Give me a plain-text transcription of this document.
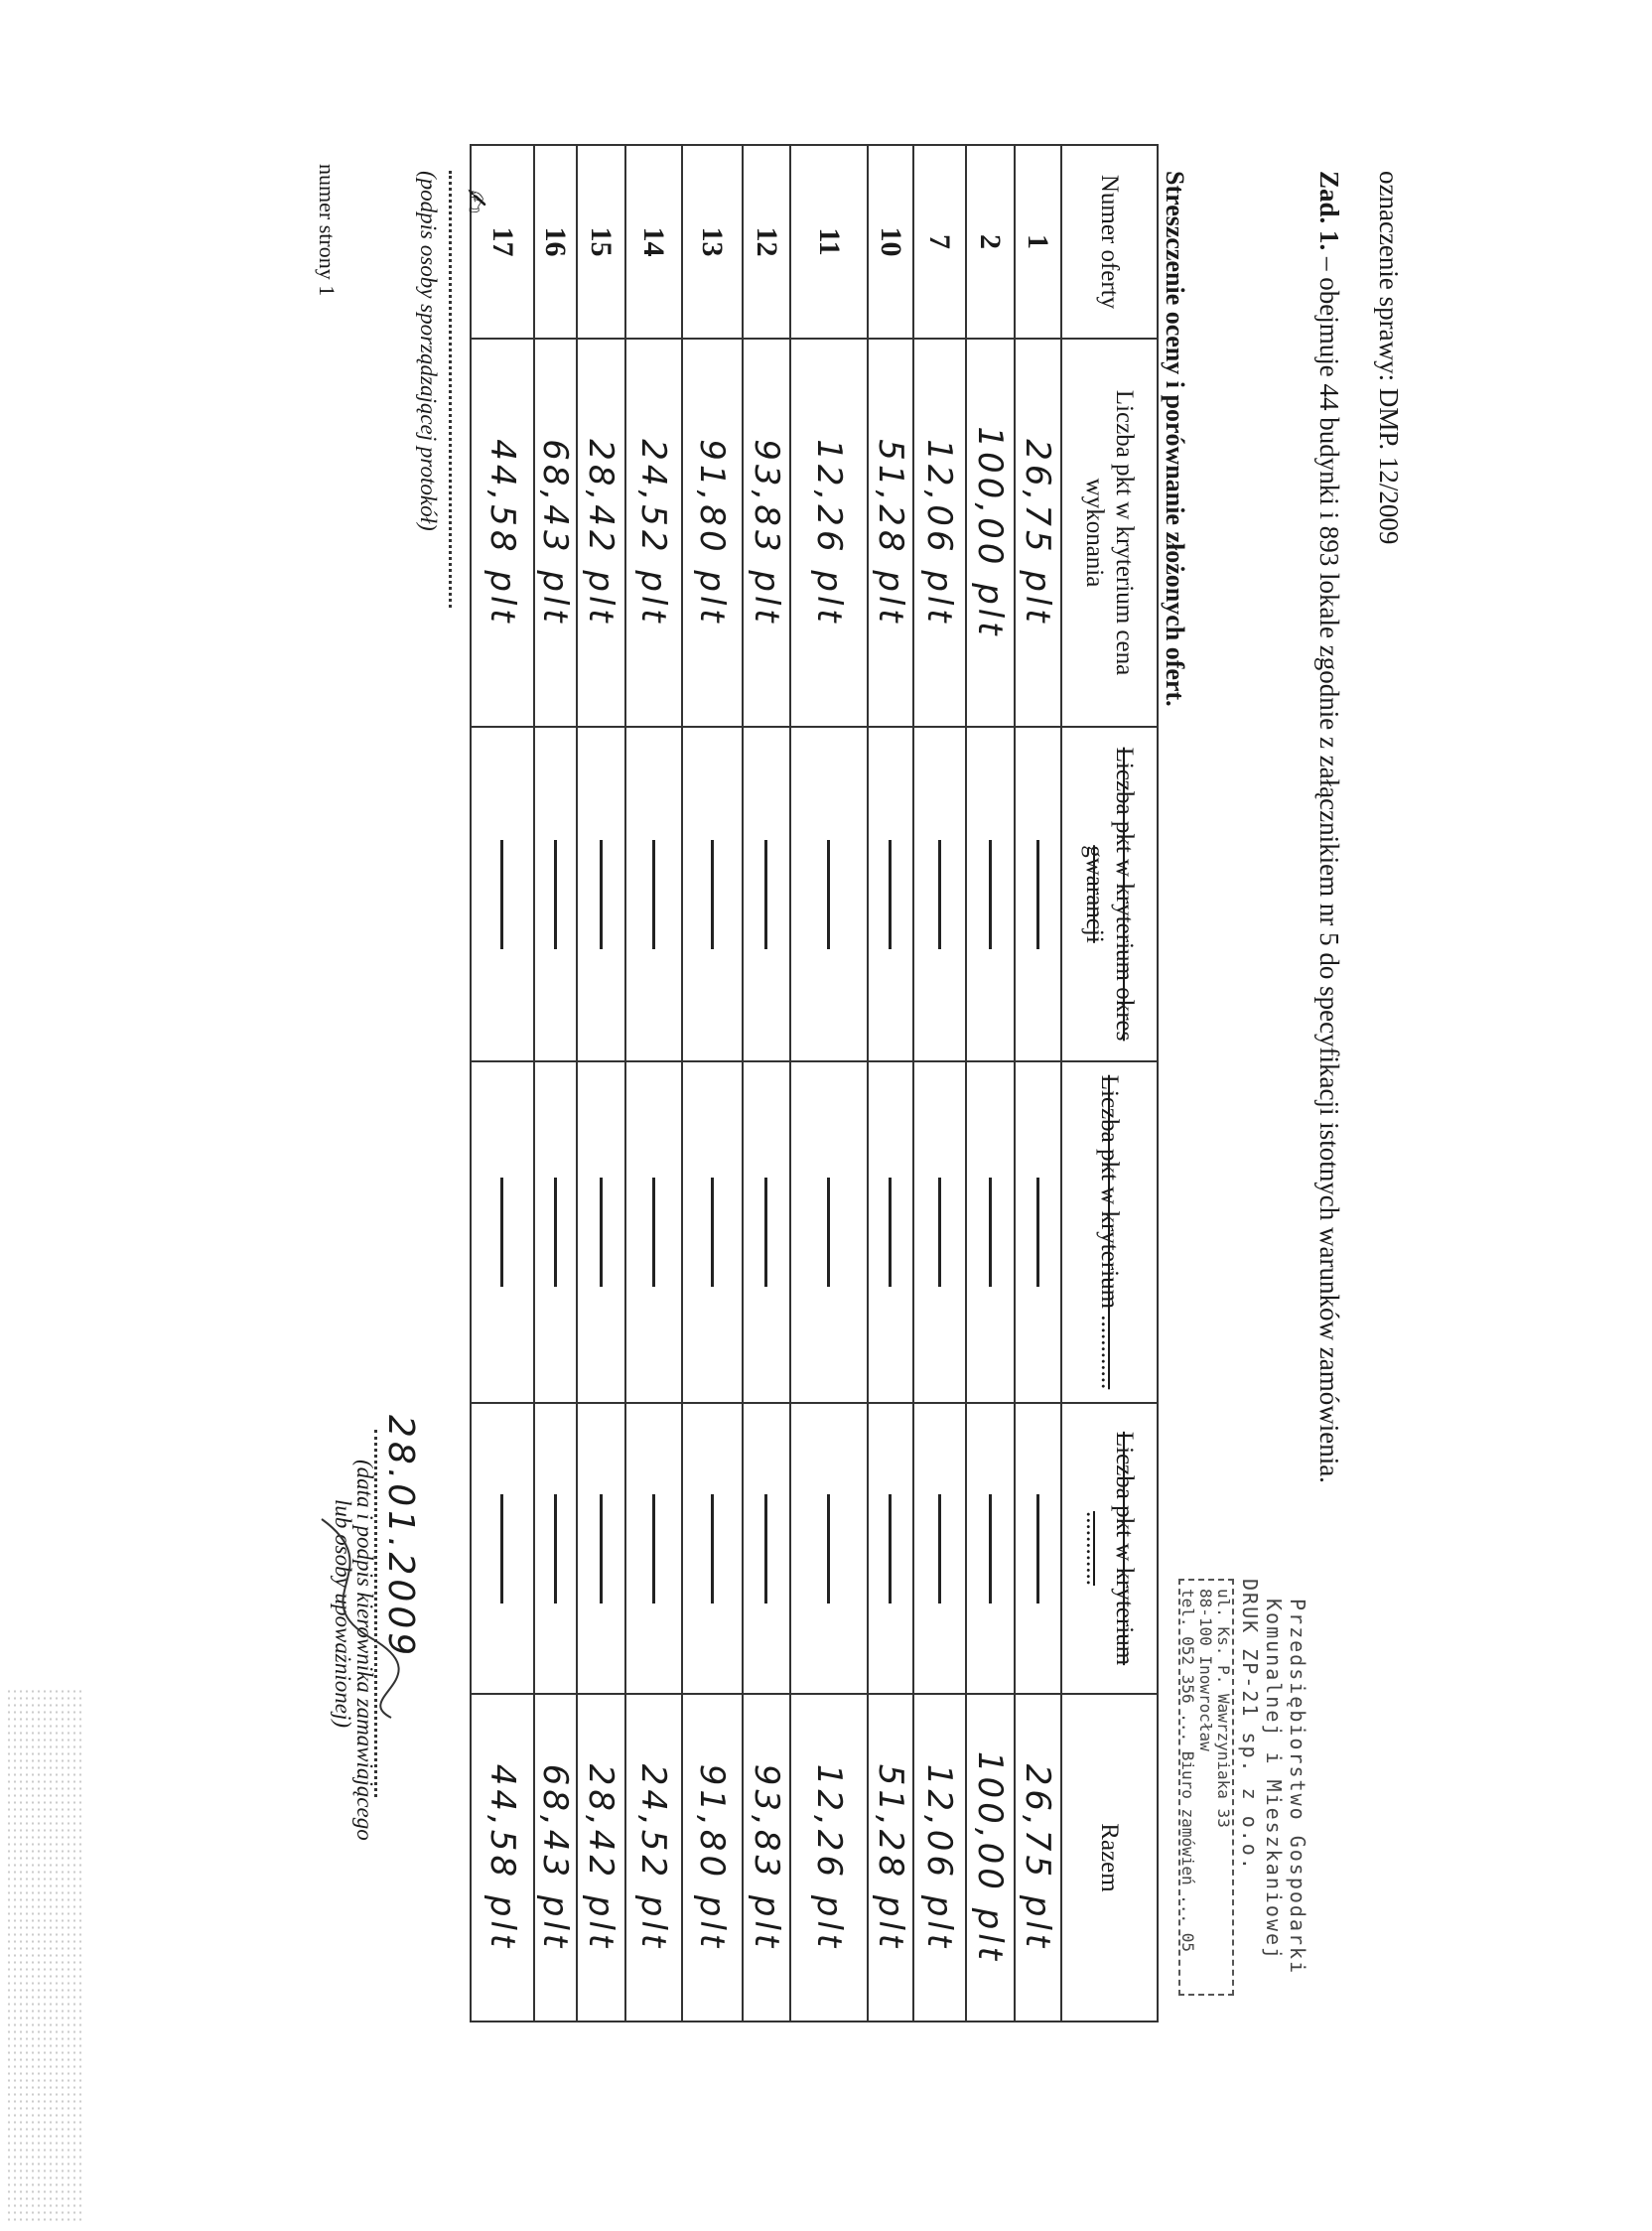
oznaczenie sprawy: DMP. 12/2009
Zad. 1. – obejmuje 44 budynki i 893 lokale zgodnie z załącznikiem nr 5 do specyfikacji istotnych warunków zamówienia.
Przedsiębiorstwo Gospodarki
Komunalnej i Mieszkaniowej
DRUK ZP-21 sp. z o.o.
ul. Ks. P. Wawrzyniaka 33
88-100 Inowrocław
tel. 052 356 ... Biuro zamówień ... 05
Streszczenie oceny i porównanie złożonych ofert.
Numer oferty	Liczba pkt w kryterium cena wykonania	Liczba pkt w kryterium okres gwarancji	Liczba pkt w kryterium ............	Liczba pkt w kryterium ............	Razem
1	26,75 plt				26,75 plt
2	100,00 plt				100,00 plt
7	12,06 plt				12,06 plt
10	51,28 plt				51,28 plt
11	12,26 plt				12,26 plt
12	93,83 plt				93,83 plt
13	91,80 plt				91,80 plt
14	24,52 plt				24,52 plt
15	28,42 plt				28,42 plt
16	68,43 plt				68,43 plt
17	44,58 plt				44,58 plt
✍
(podpis osoby sporządzającej protokół)
28.01.2009
(data i podpis kierownika zamawiającego
lub osoby upoważnionej)
numer strony 1
